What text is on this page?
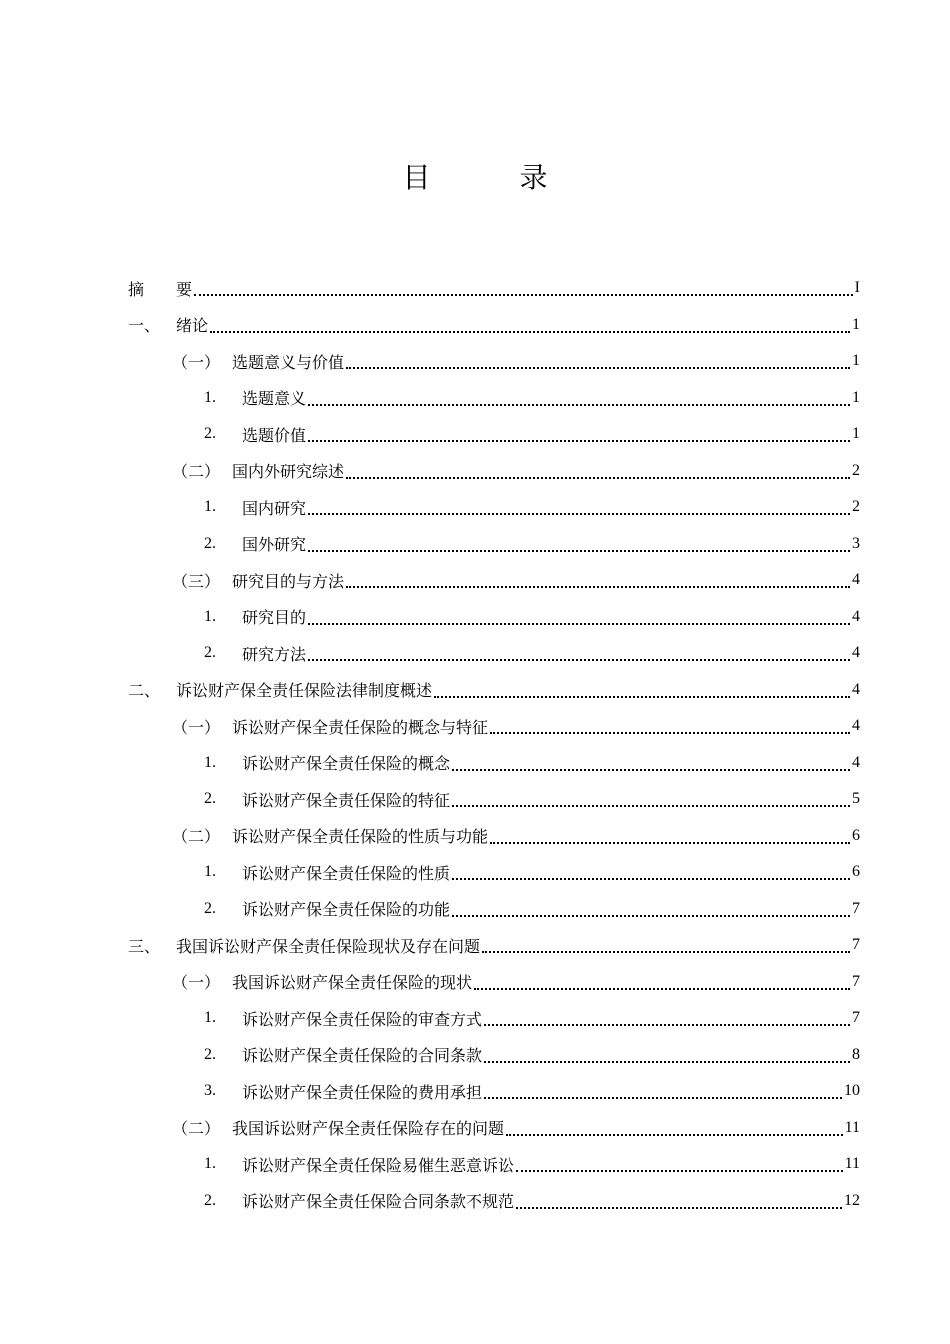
目 录
摘	要	I
一、 绪论	1
（一） 选题意义与价值	1
1.	选题意义	1
2.	选题价值	1
（二） 国内外研究综述	2
1.	国内研究	2
2.	国外研究	3
（三） 研究目的与方法	4
1.	研究目的	4
2.	研究方法	4
二、 诉讼财产保全责任保险法律制度概述	4
（一） 诉讼财产保全责任保险的概念与特征	4
1.	诉讼财产保全责任保险的概念	4
2.	诉讼财产保全责任保险的特征	5
（二） 诉讼财产保全责任保险的性质与功能	6
1.	诉讼财产保全责任保险的性质	6
2.	诉讼财产保全责任保险的功能	7
三、 我国诉讼财产保全责任保险现状及存在问题	7
（一） 我国诉讼财产保全责任保险的现状	7
1.	诉讼财产保全责任保险的审查方式	7
2.	诉讼财产保全责任保险的合同条款	8
3.	诉讼财产保全责任保险的费用承担	10
（二） 我国诉讼财产保全责任保险存在的问题	11
1.	诉讼财产保全责任保险易催生恶意诉讼	11
2.	诉讼财产保全责任保险合同条款不规范	12
